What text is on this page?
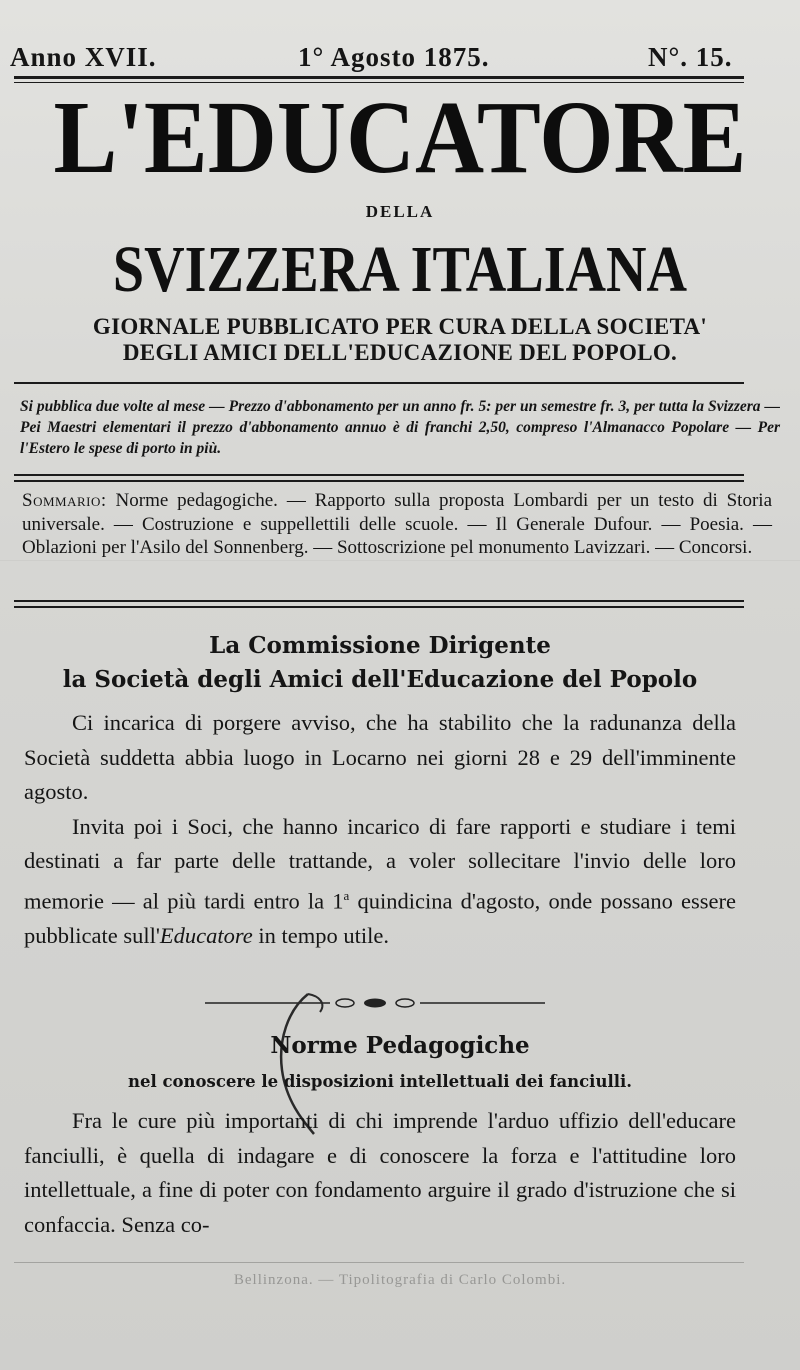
Anno XVII.	1° Agosto 1875.	N°. 15.
L'EDUCATORE
DELLA
SVIZZERA ITALIANA
GIORNALE PUBBLICATO PER CURA DELLA SOCIETA'
DEGLI AMICI DELL'EDUCAZIONE DEL POPOLO.
Si pubblica due volte al mese — Prezzo d'abbonamento per un anno fr. 5: per un semestre fr. 3, per tutta la Svizzera — Pei Maestri elementari il prezzo d'abbonamento annuo è di franchi 2,50, compreso l'Almanacco Popolare — Per l'Estero le spese di porto in più.
Sommario: Norme pedagogiche. — Rapporto sulla proposta Lombardi per un testo di Storia universale. — Costruzione e suppellettili delle scuole. — Il Generale Dufour. — Poesia. — Oblazioni per l'Asilo del Sonnenberg. — Sottoscrizione pel monumento Lavizzari. — Concorsi.
La Commissione Dirigente
la Società degli Amici dell'Educazione del Popolo

Ci incarica di porgere avviso, che ha stabilito che la radunanza della Società suddetta abbia luogo in Locarno nei giorni 28 e 29 dell'imminente agosto.

Invita poi i Soci, che hanno incarico di fare rapporti e studiare i temi destinati a far parte delle trattande, a voler sollecitare l'invio delle loro memorie — al più tardi entro la 1$^a$ quindicina d'agosto, onde possano essere pubblicate sull'Educatore in tempo utile.

Norme Pedagogiche
nel conoscere le disposizioni intellettuali dei fanciulli.

Fra le cure più importanti di chi imprende l'arduo uffizio dell'educare fanciulli, è quella di indagare e di conoscere la forza e l'attitudine loro intellettuale, a fine di poter con fondamento arguire il grado d'istruzione che si confaccia. Senza co-

Bellinzona. — Tipolitografia di Carlo Colombi.
